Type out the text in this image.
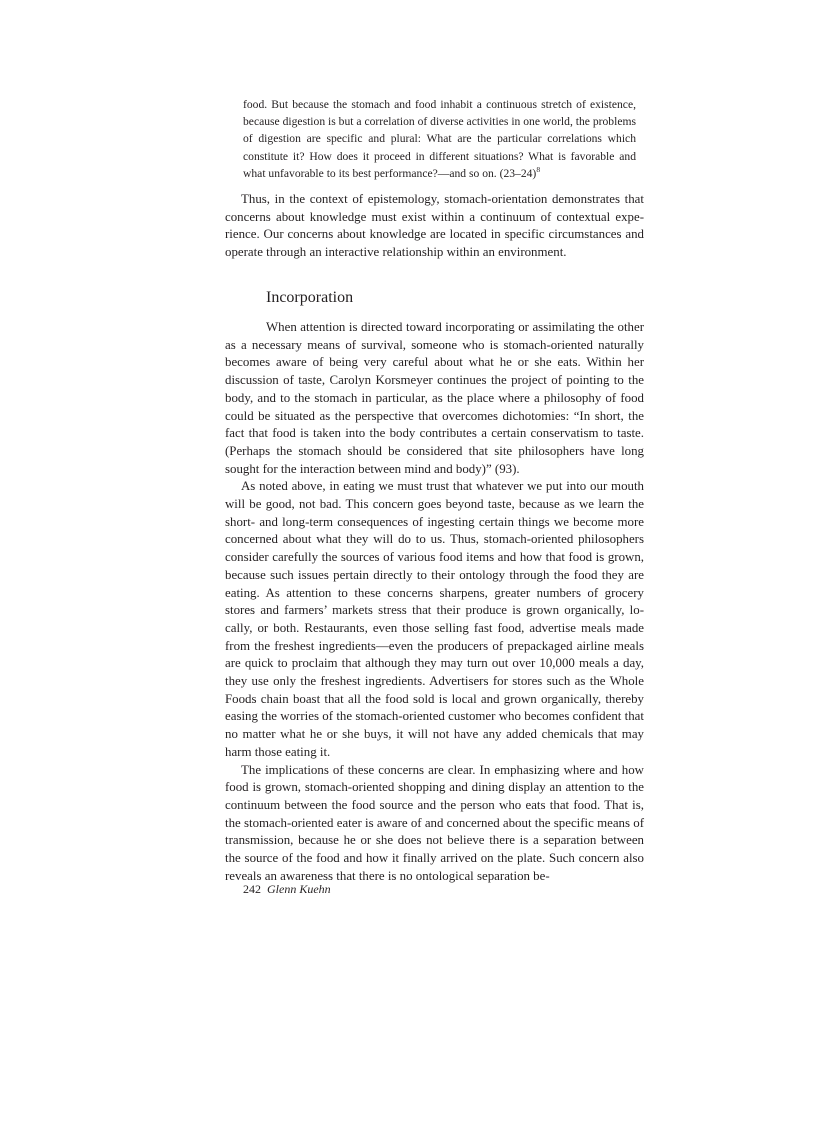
food. But because the stomach and food inhabit a continuous stretch of existence, because digestion is but a correlation of diverse activities in one world, the problems of digestion are specific and plural: What are the particular correlations which constitute it? How does it proceed in different situations? What is favorable and what unfavorable to its best performance?—and so on. $(23-24)^8$

Thus, in the context of epistemology, stomach-orientation demonstrates that concerns about knowledge must exist within a continuum of contextual experience. Our concerns about knowledge are located in specific circumstances and operate through an interactive relationship within an environment.

Incorporation

When attention is directed toward incorporating or assimilating the other as a necessary means of survival, someone who is stomach-oriented naturally becomes aware of being very careful about what he or she eats. Within her discussion of taste, Carolyn Korsmeyer continues the project of pointing to the body, and to the stomach in particular, as the place where a philosophy of food could be situated as the perspective that overcomes dichotomies: “In short, the fact that food is taken into the body contributes a certain conservatism to taste. (Perhaps the stomach should be considered that site philosophers have long sought for the interaction between mind and body)” (93).

As noted above, in eating we must trust that whatever we put into our mouth will be good, not bad. This concern goes beyond taste, because as we learn the short- and long-term consequences of ingesting certain things we become more concerned about what they will do to us. Thus, stomach-oriented philosophers consider carefully the sources of various food items and how that food is grown, because such issues pertain directly to their ontology through the food they are eating. As attention to these concerns sharpens, greater numbers of grocery stores and farmers’ markets stress that their produce is grown organically, locally, or both. Restaurants, even those selling fast food, advertise meals made from the freshest ingredients—even the producers of prepackaged airline meals are quick to proclaim that although they may turn out over 10,000 meals a day, they use only the freshest ingredients. Advertisers for stores such as the Whole Foods chain boast that all the food sold is local and grown organically, thereby easing the worries of the stomach-oriented customer who becomes confident that no matter what he or she buys, it will not have any added chemicals that may harm those eating it.

The implications of these concerns are clear. In emphasizing where and how food is grown, stomach-oriented shopping and dining display an attention to the continuum between the food source and the person who eats that food. That is, the stomach-oriented eater is aware of and concerned about the specific means of transmission, because he or she does not believe there is a separation between the source of the food and how it finally arrived on the plate. Such concern also reveals an awareness that there is no ontological separation be-

242 Glenn Kuehn
